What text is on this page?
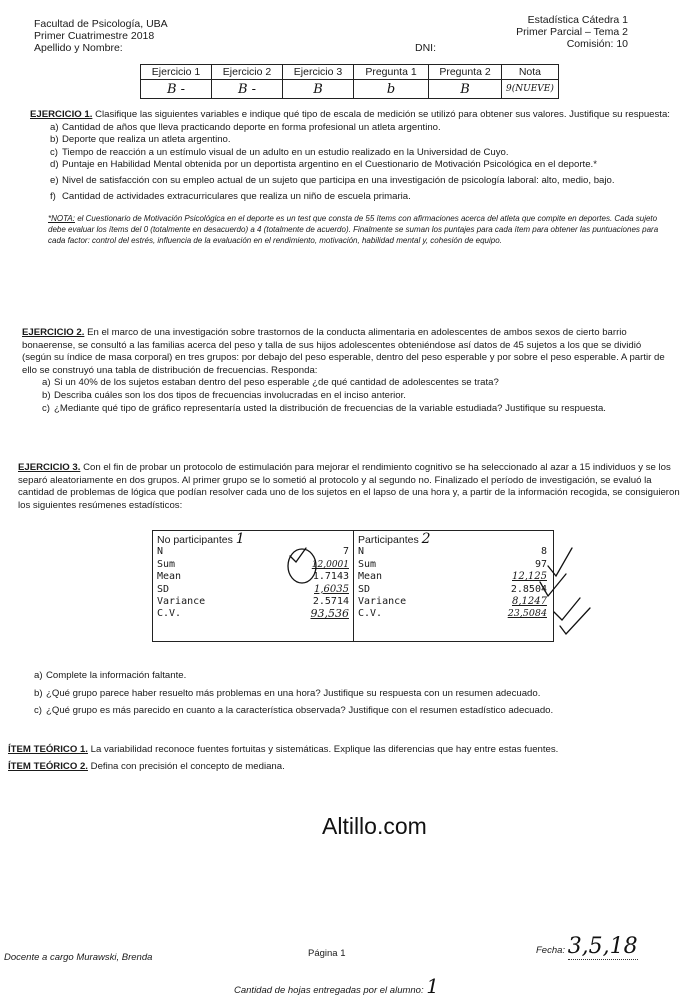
Facultad de Psicología, UBA
Primer Cuatrimestre 2018
Apellido y Nombre:	DNI:
Estadística Cátedra 1
Primer Parcial – Tema 2
Comisión: 10
Ejercicio 1	Ejercicio 2	Ejercicio 3	Pregunta 1	Pregunta 2	Nota
B -	B -	B	b	B	9(NUEVE)
EJERCICIO 1. Clasifique las siguientes variables e indique qué tipo de escala de medición se utilizó para obtener sus valores. Justifique su respuesta:
a) Cantidad de años que lleva practicando deporte en forma profesional un atleta argentino.
b) Deporte que realiza un atleta argentino.
c) Tiempo de reacción a un estímulo visual de un adulto en un estudio realizado en la Universidad de Cuyo.
d) Puntaje en Habilidad Mental obtenida por un deportista argentino en el Cuestionario de Motivación Psicológica en el deporte.*
e) Nivel de satisfacción con su empleo actual de un sujeto que participa en una investigación de psicología laboral: alto, medio, bajo.
f) Cantidad de actividades extracurriculares que realiza un niño de escuela primaria.
*NOTA: el Cuestionario de Motivación Psicológica en el deporte es un test que consta de 55 ítems con afirmaciones acerca del atleta que compite en deportes. Cada sujeto debe evaluar los ítems del 0 (totalmente en desacuerdo) a 4 (totalmente de acuerdo). Finalmente se suman los puntajes para cada ítem para obtener las puntuaciones para cada factor: control del estrés, influencia de la evaluación en el rendimiento, motivación, habilidad mental y, cohesión de equipo.
EJERCICIO 2. En el marco de una investigación sobre trastornos de la conducta alimentaria en adolescentes de ambos sexos de cierto barrio bonaerense, se consultó a las familias acerca del peso y talla de sus hijos adolescentes obteniéndose así datos de 45 sujetos a los que se dividió (según su índice de masa corporal) en tres grupos: por debajo del peso esperable, dentro del peso esperable y por sobre el peso esperable. A partir de ello se construyó una tabla de distribución de frecuencias. Responda:
a) Si un 40% de los sujetos estaban dentro del peso esperable ¿de qué cantidad de adolescentes se trata?
b) Describa cuáles son los dos tipos de frecuencias involucradas en el inciso anterior.
c) ¿Mediante qué tipo de gráfico representaría usted la distribución de frecuencias de la variable estudiada? Justifique su respuesta.
EJERCICIO 3. Con el fin de probar un protocolo de estimulación para mejorar el rendimiento cognitivo se ha seleccionado al azar a 15 individuos y se los separó aleatoriamente en dos grupos. Al primer grupo se lo sometió al protocolo y al segundo no. Finalizado el período de investigación, se evaluó la cantidad de problemas de lógica que podían resolver cada uno de los sujetos en el lapso de una hora y, a partir de la información recogida, se consiguieron los siguientes resúmenes estadísticos:
No participantes 1
N	7
Sum	12,0001
Mean	1.7143
SD	1,6035
Variance	2.5714
C.V.	93,536
Participantes 2
N	8
Sum	97
Mean	12,125
SD	2.8504
Variance	8,1247
C.V.	23,5084
a) Complete la información faltante.
b) ¿Qué grupo parece haber resuelto más problemas en una hora? Justifique su respuesta con un resumen adecuado.
c) ¿Qué grupo es más parecido en cuanto a la característica observada? Justifique con el resumen estadístico adecuado.
ÍTEM TEÓRICO 1. La variabilidad reconoce fuentes fortuitas y sistemáticas. Explique las diferencias que hay entre estas fuentes.
ÍTEM TEÓRICO 2. Defina con precisión el concepto de mediana.
Altillo.com
Docente a cargo Murawski, Brenda	Página 1	Fecha: 3,5,18
Cantidad de hojas entregadas por el alumno: 1
